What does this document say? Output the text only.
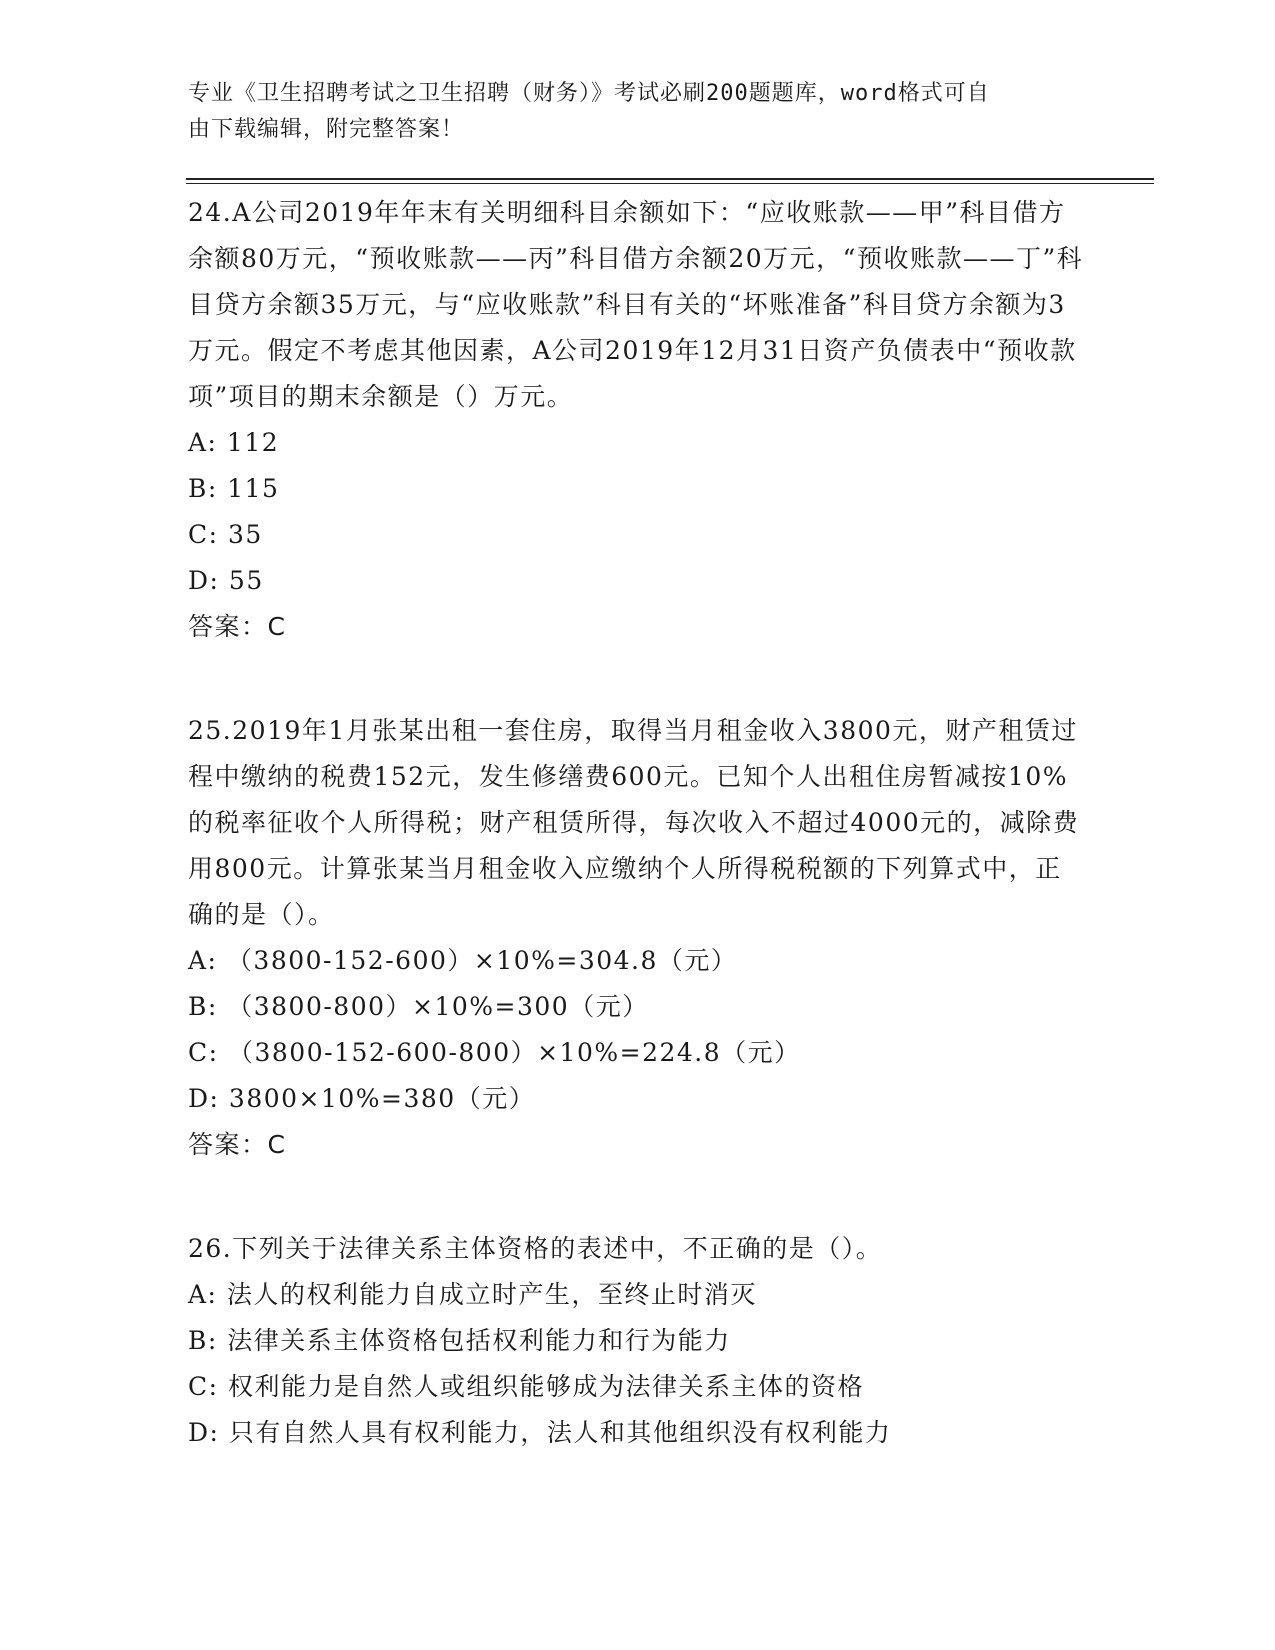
专业《卫生招聘考试之卫生招聘（财务）》考试必刷200题题库，word格式可自
由下载编辑，附完整答案！
24.A公司2019年年末有关明细科目余额如下：“应收账款——甲”科目借方余额80万元，“预收账款——丙”科目借方余额20万元，“预收账款——丁”科目贷方余额35万元，与“应收账款”科目有关的“坏账准备”科目贷方余额为3万元。假定不考虑其他因素，A公司2019年12月31日资产负债表中“预收款项”项目的期末余额是（）万元。
A: 112
B: 115
C: 35
D: 55
答案：C
25.2019年1月张某出租一套住房，取得当月租金收入3800元，财产租赁过程中缴纳的税费152元，发生修缮费600元。已知个人出租住房暂减按10%的税率征收个人所得税；财产租赁所得，每次收入不超过4000元的，减除费用800元。计算张某当月租金收入应缴纳个人所得税税额的下列算式中，正确的是（）。
A: （3800-152-600）×10%=304.8（元）
B: （3800-800）×10%=300（元）
C: （3800-152-600-800）×10%=224.8（元）
D: 3800×10%=380（元）
答案：C
26.下列关于法律关系主体资格的表述中，不正确的是（）。
A: 法人的权利能力自成立时产生，至终止时消灭
B: 法律关系主体资格包括权利能力和行为能力
C: 权利能力是自然人或组织能够成为法律关系主体的资格
D: 只有自然人具有权利能力，法人和其他组织没有权利能力
